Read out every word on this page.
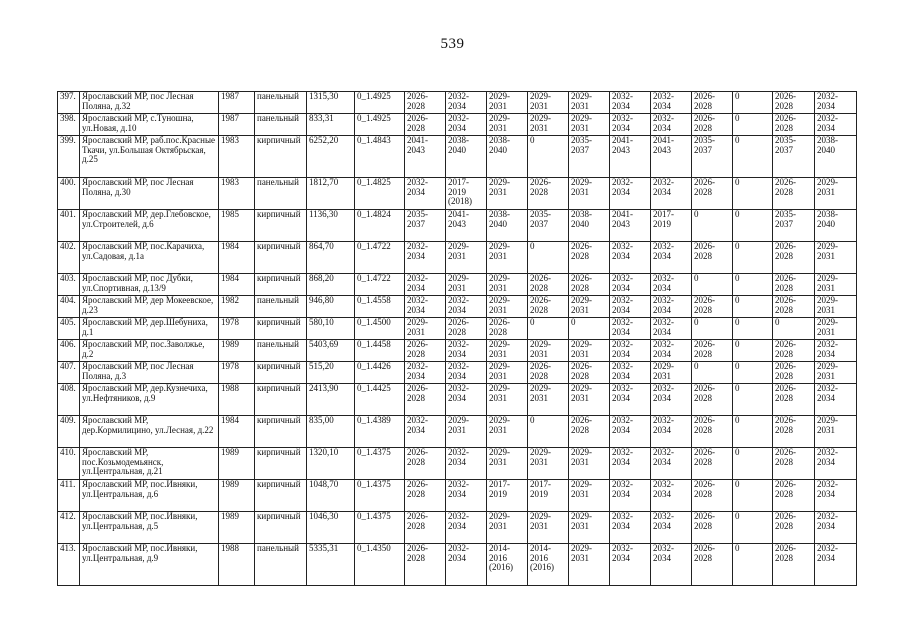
539
397.	Ярославский МР, пос Лесная Поляна, д.32	1987	панельный	1315,30	0_1.4925	2026- 2028	2032- 2034	2029- 2031	2029- 2031	2029- 2031	2032- 2034	2032- 2034	2026- 2028	0	2026- 2028	2032- 2034
398.	Ярославский МР, с.Туношна, ул.Новая, д.10	1987	панельный	833,31	0_1.4925	2026- 2028	2032- 2034	2029- 2031	2029- 2031	2029- 2031	2032- 2034	2032- 2034	2026- 2028	0	2026- 2028	2032- 2034
399.	Ярославский МР, раб.пос.Красные Ткачи, ул.Большая Октябрьская, д.25	1983	кирпичный	6252,20	0_1.4843	2041- 2043	2038- 2040	2038- 2040	0	2035- 2037	2041- 2043	2041- 2043	2035- 2037	0	2035- 2037	2038- 2040
400.	Ярославский МР, пос Лесная Поляна, д.30	1983	панельный	1812,70	0_1.4825	2032- 2034	2017- 2019 (2018)	2029- 2031	2026- 2028	2029- 2031	2032- 2034	2032- 2034	2026- 2028	0	2026- 2028	2029- 2031
401.	Ярославский МР, дер.Глебовское, ул.Строителей, д.6	1985	кирпичный	1136,30	0_1.4824	2035- 2037	2041- 2043	2038- 2040	2035- 2037	2038- 2040	2041- 2043	2017- 2019	0	0	2035- 2037	2038- 2040
402.	Ярославский МР, пос.Карачиха, ул.Садовая, д.1а	1984	кирпичный	864,70	0_1.4722	2032- 2034	2029- 2031	2029- 2031	0	2026- 2028	2032- 2034	2032- 2034	2026- 2028	0	2026- 2028	2029- 2031
403.	Ярославский МР, пос Дубки, ул.Спортивная, д.13/9	1984	кирпичный	868,20	0_1.4722	2032- 2034	2029- 2031	2029- 2031	2026- 2028	2026- 2028	2032- 2034	2032- 2034	0	0	2026- 2028	2029- 2031
404.	Ярославский МР, дер Мокеевское, д.23	1982	панельный	946,80	0_1.4558	2032- 2034	2032- 2034	2029- 2031	2026- 2028	2029- 2031	2032- 2034	2032- 2034	2026- 2028	0	2026- 2028	2029- 2031
405.	Ярославский МР, дер.Шебуниха, д.1	1978	кирпичный	580,10	0_1.4500	2029- 2031	2026- 2028	2026- 2028	0	0	2032- 2034	2032- 2034	0	0	0	2029- 2031
406.	Ярославский МР, пос.Заволжье, д.2	1989	панельный	5403,69	0_1.4458	2026- 2028	2032- 2034	2029- 2031	2029- 2031	2029- 2031	2032- 2034	2032- 2034	2026- 2028	0	2026- 2028	2032- 2034
407.	Ярославский МР, пос Лесная Поляна, д.3	1978	кирпичный	515,20	0_1.4426	2032- 2034	2032- 2034	2029- 2031	2026- 2028	2026- 2028	2032- 2034	2029- 2031	0	0	2026- 2028	2029- 2031
408.	Ярославский МР, дер.Кузнечиха, ул.Нефтяников, д.9	1988	кирпичный	2413,90	0_1.4425	2026- 2028	2032- 2034	2029- 2031	2029- 2031	2029- 2031	2032- 2034	2032- 2034	2026- 2028	0	2026- 2028	2032- 2034
409.	Ярославский МР, дер.Кормилицино, ул.Лесная, д.22	1984	кирпичный	835,00	0_1.4389	2032- 2034	2029- 2031	2029- 2031	0	2026- 2028	2032- 2034	2032- 2034	2026- 2028	0	2026- 2028	2029- 2031
410.	Ярославский МР, пос.Козьмодемьянск, ул.Центральная, д.21	1989	кирпичный	1320,10	0_1.4375	2026- 2028	2032- 2034	2029- 2031	2029- 2031	2029- 2031	2032- 2034	2032- 2034	2026- 2028	0	2026- 2028	2032- 2034
411.	Ярославский МР, пос.Ивняки, ул.Центральная, д.6	1989	кирпичный	1048,70	0_1.4375	2026- 2028	2032- 2034	2017- 2019	2017- 2019	2029- 2031	2032- 2034	2032- 2034	2026- 2028	0	2026- 2028	2032- 2034
412.	Ярославский МР, пос.Ивняки, ул.Центральная, д.5	1989	кирпичный	1046,30	0_1.4375	2026- 2028	2032- 2034	2029- 2031	2029- 2031	2029- 2031	2032- 2034	2032- 2034	2026- 2028	0	2026- 2028	2032- 2034
413.	Ярославский МР, пос.Ивняки, ул.Центральная, д.9	1988	панельный	5335,31	0_1.4350	2026- 2028	2032- 2034	2014- 2016 (2016)	2014- 2016 (2016)	2029- 2031	2032- 2034	2032- 2034	2026- 2028	0	2026- 2028	2032- 2034
